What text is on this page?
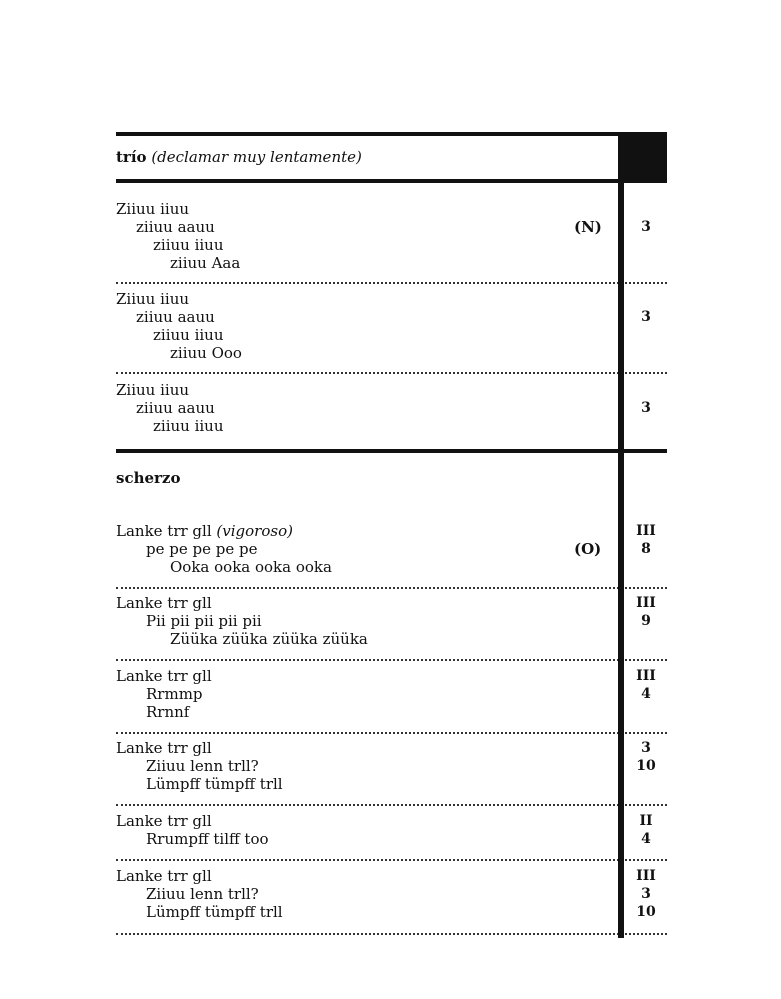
trío (declamar muy lentamente)
Ziiuu iiuu
ziiuu aauu
ziiuu iiuu
ziiuu Aaa
(N)	3
Ziiuu iiuu
ziiuu aauu
ziiuu iiuu
ziiuu Ooo
3
Ziiuu iiuu
ziiuu aauu
ziiuu iiuu
3
scherzo
Lanke trr gll (vigoroso)
pe pe pe pe pe
Ooka ooka ooka ooka
(O)
III
8
Lanke trr gll
Pii pii pii pii pii
Züüka züüka züüka züüka
III
9
Lanke trr gll
Rrmmp
Rrnnf
III
4
Lanke trr gll
Ziiuu lenn trll?
Lümpff tümpff trll
3
10
Lanke trr gll
Rrumpff tilff too
II
4
Lanke trr gll
Ziiuu lenn trll?
Lümpff tümpff trll
III
3
10
